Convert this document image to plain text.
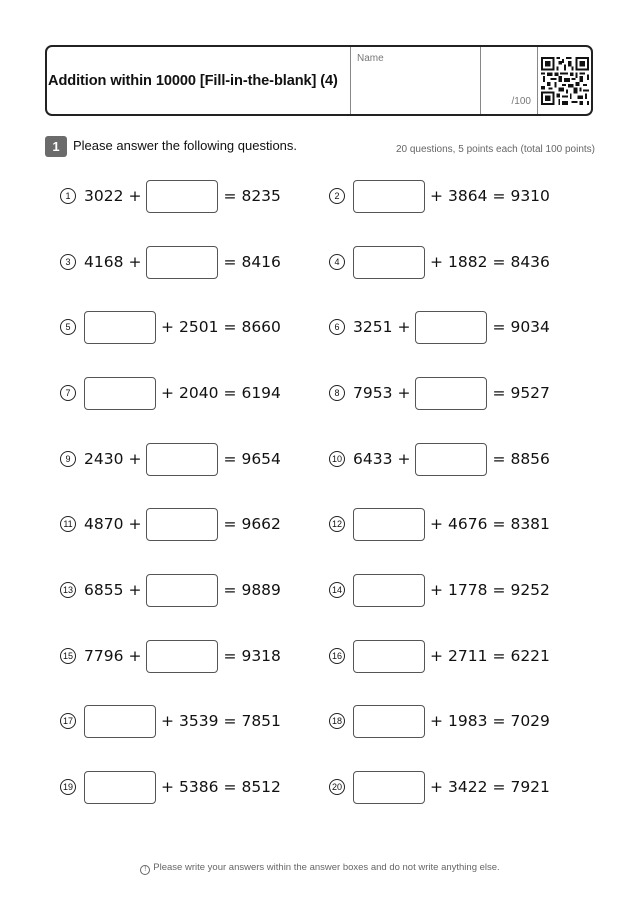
Addition within 10000 [Fill-in-the-blank] (4)
Name
/100
1	Please answer the following questions.	20 questions, 5 points each (total 100 points)
1 3022 +	= 8235	2	+ 3864 = 9310
3 4168 +	= 8416	4	+ 1882 = 8436
5	+ 2501 = 8660	6 3251 +	= 9034
7	+ 2040 = 6194	8 7953 +	= 9527
9 2430 +	= 9654	10 6433 +	= 8856
11 4870 +	= 9662	12	+ 4676 = 8381
13 6855 +	= 9889	14	+ 1778 = 9252
15 7796 +	= 9318	16	+ 2711 = 6221
17	+ 3539 = 7851	18	+ 1983 = 7029
19	+ 5386 = 8512	20	+ 3422 = 7921
! Please write your answers within the answer boxes and do not write anything else.
